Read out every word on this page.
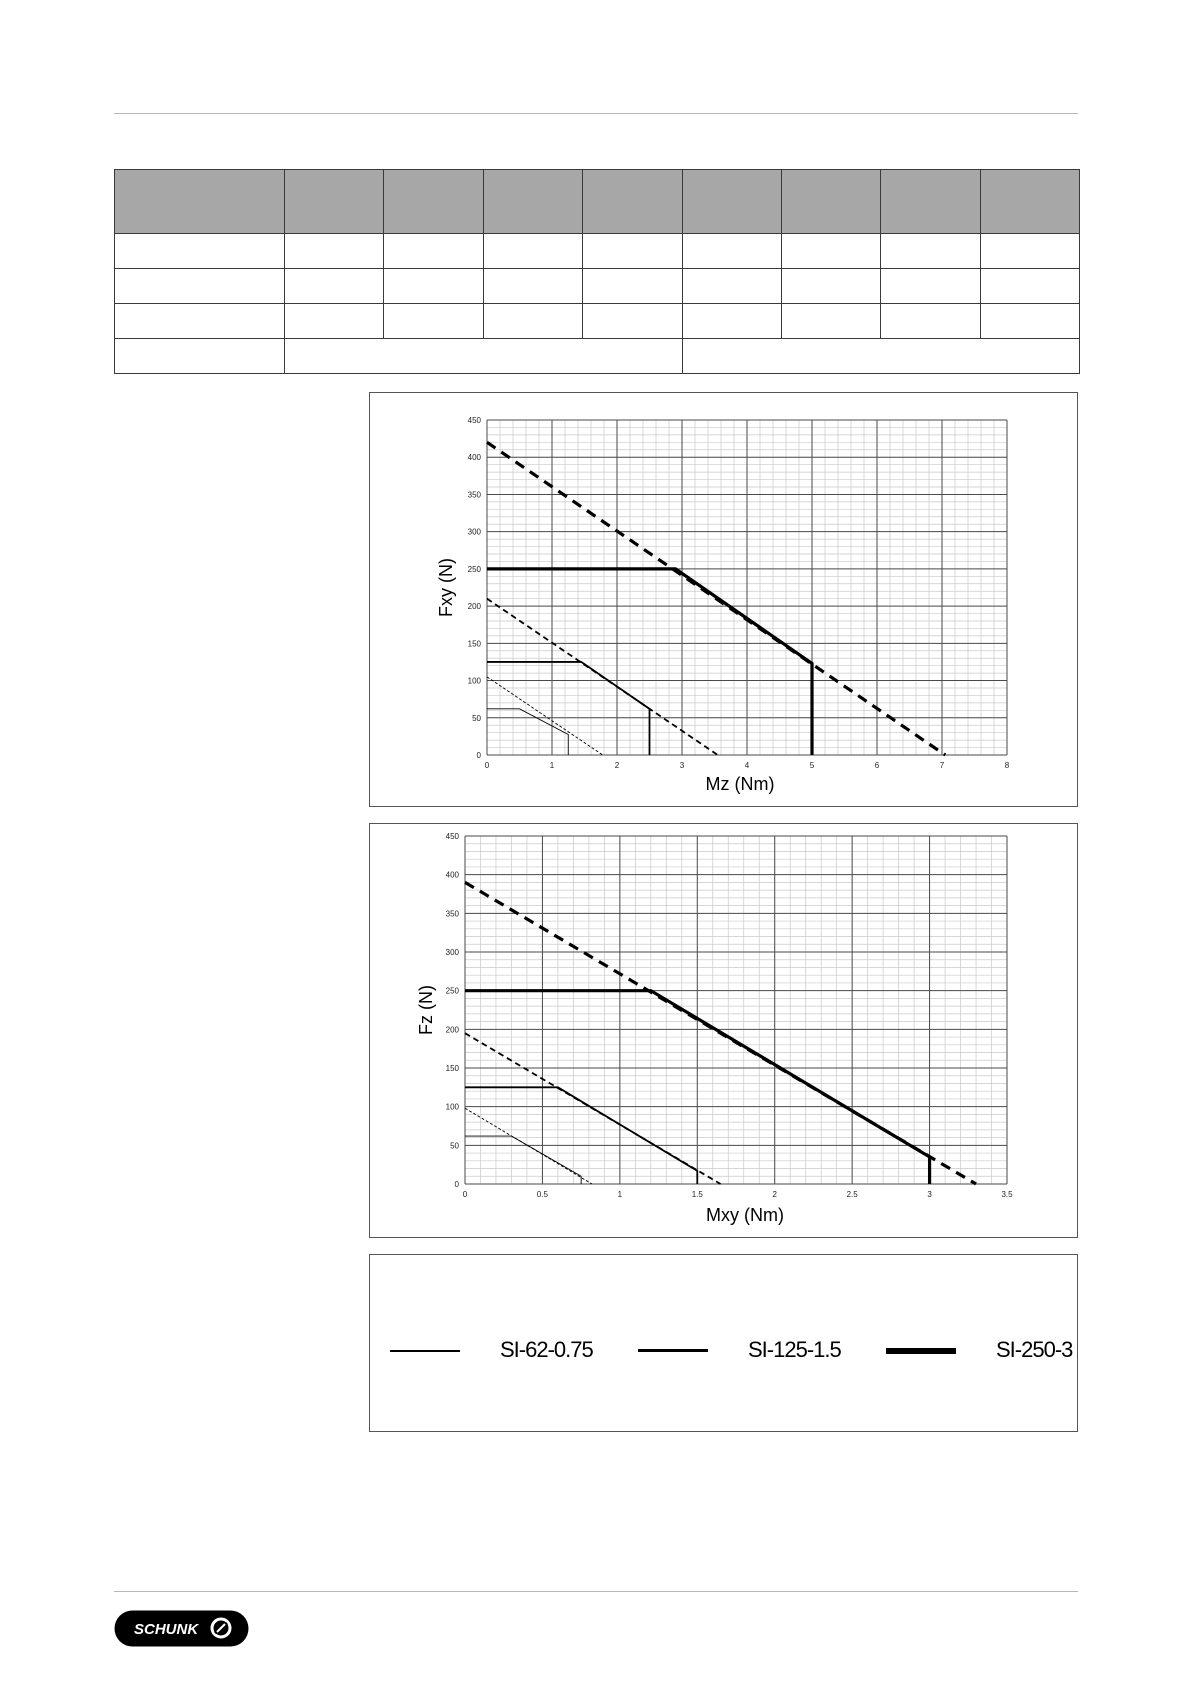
0	1	2	3	4	5	6	7	8
0
50
100
150
200
250
300
350
400
450
Mz (Nm)
Fxy (N)
0	0.5	1	1.5	2	2.5	3	3.5
0
50
100
150
200
250
300
350
400
450
Mxy (Nm)
Fz (N)
SI-62-0.75	SI-125-1.5	SI-250-3
SCHUNK
